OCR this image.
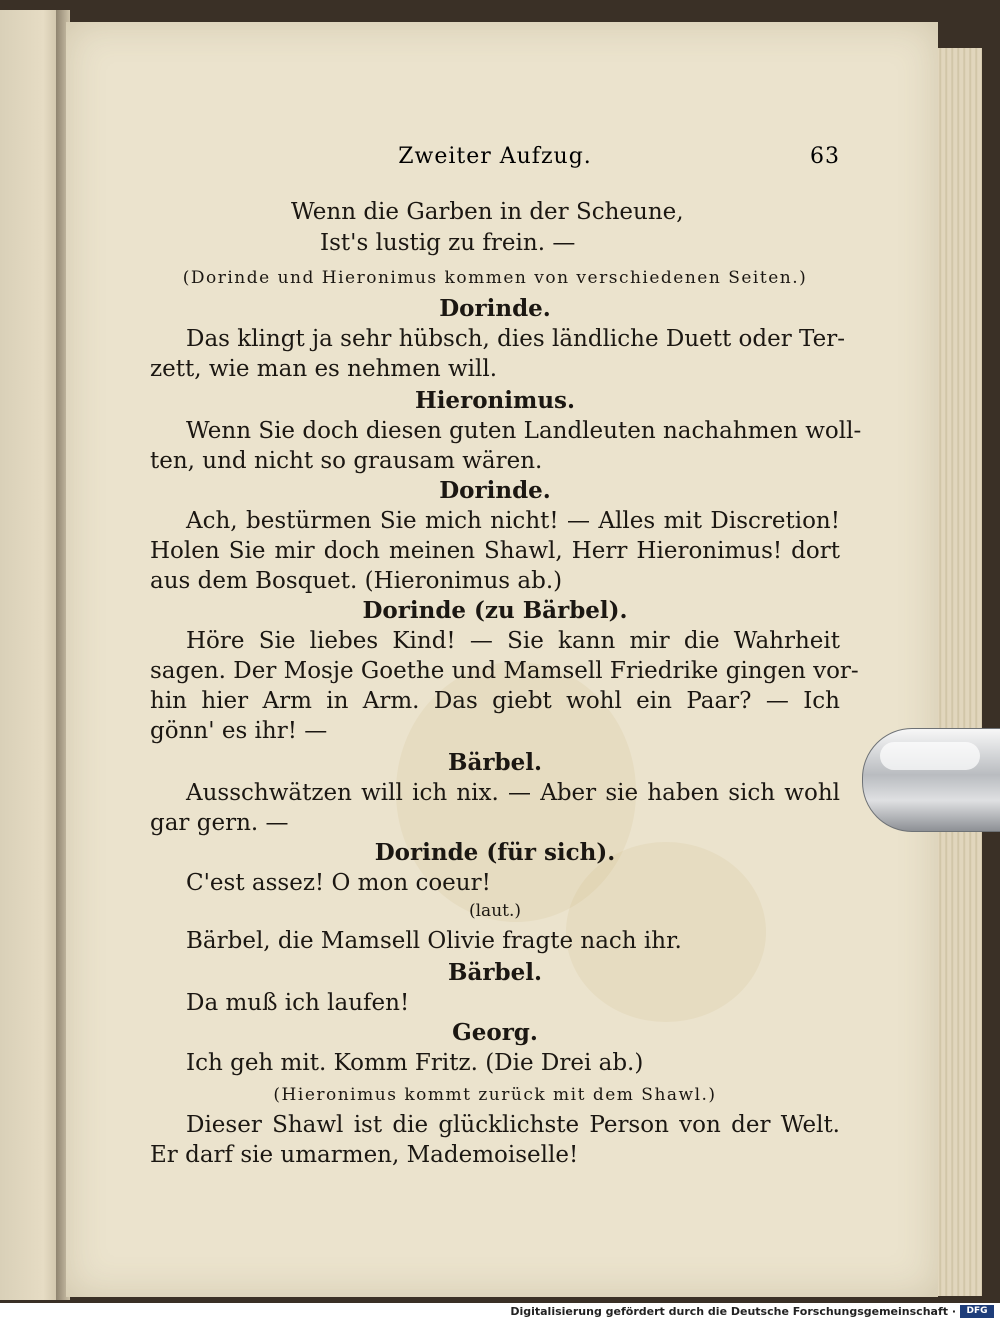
Zweiter Aufzug.	63
Wenn die Garben in der Scheune,
Ist's lustig zu frein. —
(Dorinde und Hieronimus kommen von verschiedenen Seiten.)
Dorinde.
Das klingt ja sehr hübsch, dies ländliche Duett oder Ter-
zett, wie man es nehmen will.
Hieronimus.
Wenn Sie doch diesen guten Landleuten nachahmen woll-
ten, und nicht so grausam wären.
Dorinde.
Ach, bestürmen Sie mich nicht! — Alles mit Discretion!
Holen Sie mir doch meinen Shawl, Herr Hieronimus! dort
aus dem Bosquet. (Hieronimus ab.)
Dorinde (zu Bärbel).
Höre Sie liebes Kind! — Sie kann mir die Wahrheit
sagen. Der Mosje Goethe und Mamsell Friedrike gingen vor-
hin hier Arm in Arm. Das giebt wohl ein Paar? — Ich
gönn' es ihr! —
Bärbel.
Ausschwätzen will ich nix. — Aber sie haben sich wohl
gar gern. —
Dorinde (für sich).
C'est assez! O mon coeur!
(laut.)
Bärbel, die Mamsell Olivie fragte nach ihr.
Bärbel.
Da muß ich laufen!
Georg.
Ich geh mit. Komm Fritz. (Die Drei ab.)
(Hieronimus kommt zurück mit dem Shawl.)
Dieser Shawl ist die glücklichste Person von der Welt.
Er darf sie umarmen, Mademoiselle!
Digitalisierung gefördert durch die Deutsche Forschungsgemeinschaft ·	DFG
